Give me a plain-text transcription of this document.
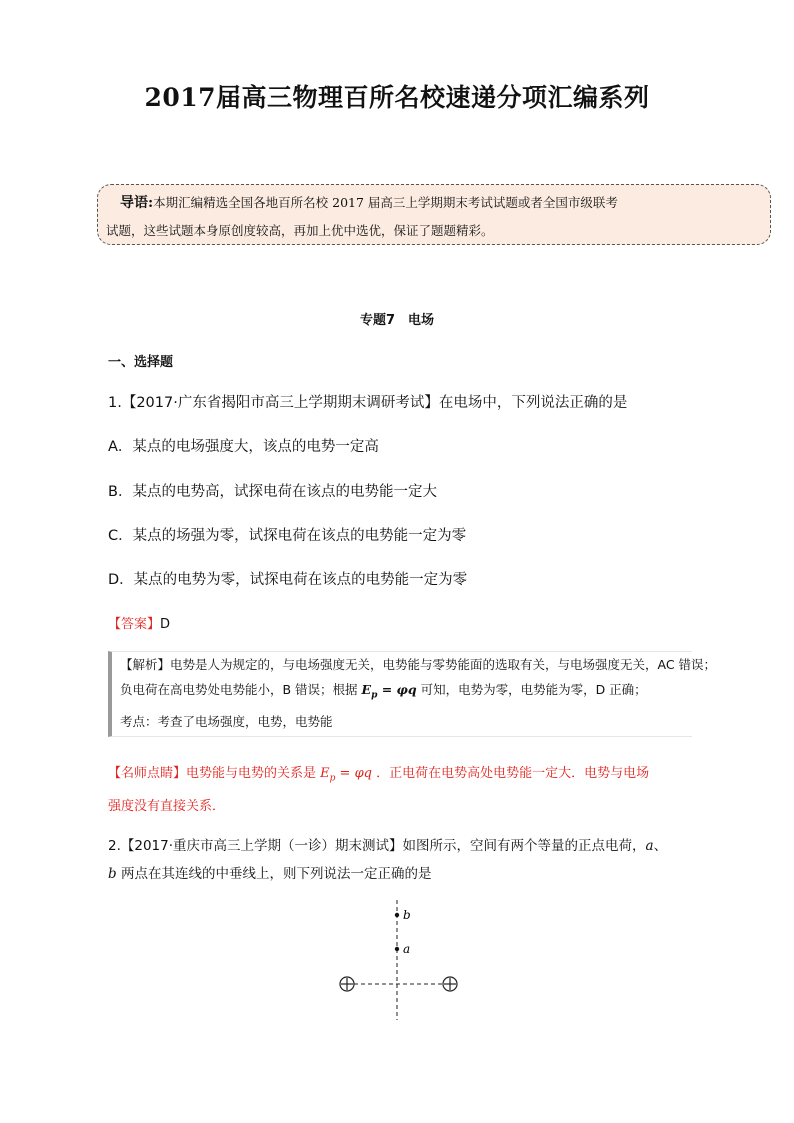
2017届高三物理百所名校速递分项汇编系列
导语:本期汇编精选全国各地百所名校 2017 届高三上学期期末考试试题或者全国市级联考
试题，这些试题本身原创度较高，再加上优中选优，保证了题题精彩。
专题7　电场
一、选择题
1.【2017·广东省揭阳市高三上学期期末调研考试】在电场中，下列说法正确的是
A．某点的电场强度大，该点的电势一定高
B．某点的电势高，试探电荷在该点的电势能一定大
C．某点的场强为零，试探电荷在该点的电势能一定为零
D．某点的电势为零，试探电荷在该点的电势能一定为零
【答案】D
【解析】电势是人为规定的，与电场强度无关，电势能与零势能面的选取有关，与电场强度无关，AC 错误；
负电荷在高电势处电势能小，B 错误；根据 $E_p = \varphi q$ 可知，电势为零，电势能为零，D 正确；
考点：考查了电场强度，电势，电势能
【名师点睛】电势能与电势的关系是 $E_p = \varphi q$ ．正电荷在电势高处电势能一定大．电势与电场
强度没有直接关系．
2.【2017·重庆市高三上学期（一诊）期末测试】如图所示，空间有两个等量的正点电荷，a、
b 两点在其连线的中垂线上，则下列说法一定正确的是
b
a
